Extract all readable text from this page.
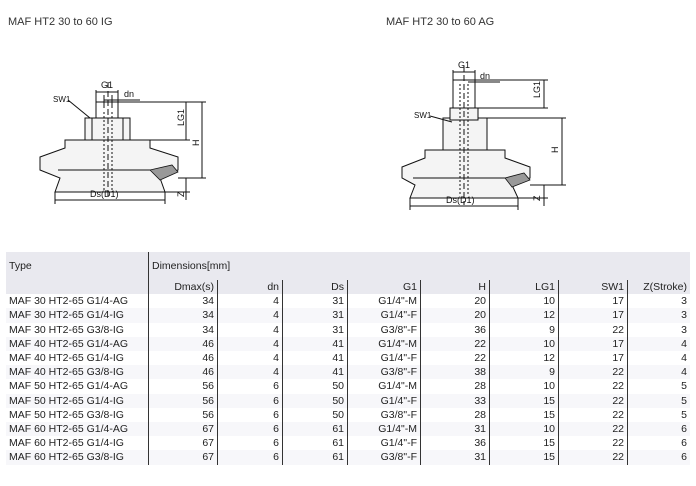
MAF HT2 30 to 60 IG	MAF HT2 30 to 60 AG
G1
dn
SW1
LG1
H
Z
Ds(D1)
G1
dn
SW1
LG1
H
Z
Ds(D1)
Type	Dimensions[mm]							
	Dmax(s)	dn	Ds	G1	H	LG1	SW1	Z(Stroke)
MAF 30 HT2-65 G1/4-AG	34	4	31	G1/4"-M	20	10	17	3
MAF 30 HT2-65 G1/4-IG	34	4	31	G1/4"-F	20	12	17	3
MAF 30 HT2-65 G3/8-IG	34	4	31	G3/8"-F	36	9	22	3
MAF 40 HT2-65 G1/4-AG	46	4	41	G1/4"-M	22	10	17	4
MAF 40 HT2-65 G1/4-IG	46	4	41	G1/4"-F	22	12	17	4
MAF 40 HT2-65 G3/8-IG	46	4	41	G3/8"-F	38	9	22	4
MAF 50 HT2-65 G1/4-AG	56	6	50	G1/4"-M	28	10	22	5
MAF 50 HT2-65 G1/4-IG	56	6	50	G1/4"-F	33	15	22	5
MAF 50 HT2-65 G3/8-IG	56	6	50	G3/8"-F	28	15	22	5
MAF 60 HT2-65 G1/4-AG	67	6	61	G1/4"-M	31	10	22	6
MAF 60 HT2-65 G1/4-IG	67	6	61	G1/4"-F	36	15	22	6
MAF 60 HT2-65 G3/8-IG	67	6	61	G3/8"-F	31	15	22	6
